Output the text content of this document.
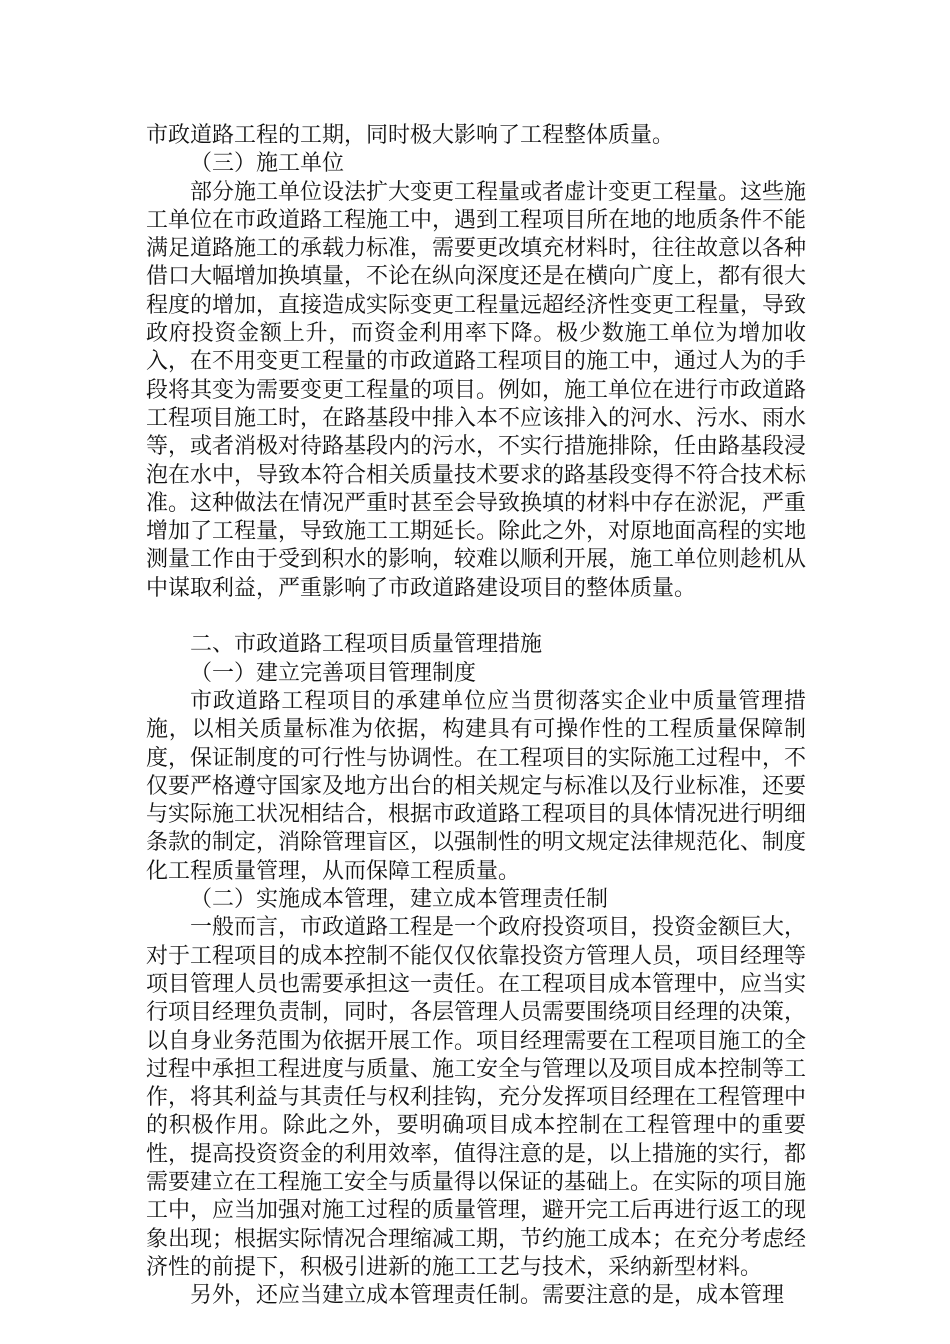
市政道路工程的工期，同时极大影响了工程整体质量。

（三）施工单位

部分施工单位设法扩大变更工程量或者虚计变更工程量。这些施工单位在市政道路工程施工中，遇到工程项目所在地的地质条件不能满足道路施工的承载力标准，需要更改填充材料时，往往故意以各种借口大幅增加换填量，不论在纵向深度还是在横向广度上，都有很大程度的增加，直接造成实际变更工程量远超经济性变更工程量，导致政府投资金额上升，而资金利用率下降。极少数施工单位为增加收入，在不用变更工程量的市政道路工程项目的施工中，通过人为的手段将其变为需要变更工程量的项目。例如，施工单位在进行市政道路工程项目施工时，在路基段中排入本不应该排入的河水、污水、雨水等，或者消极对待路基段内的污水，不实行措施排除，任由路基段浸泡在水中，导致本符合相关质量技术要求的路基段变得不符合技术标准。这种做法在情况严重时甚至会导致换填的材料中存在淤泥，严重增加了工程量，导致施工工期延长。除此之外，对原地面高程的实地测量工作由于受到积水的影响，较难以顺利开展，施工单位则趁机从中谋取利益，严重影响了市政道路建设项目的整体质量。

二、市政道路工程项目质量管理措施

（一）建立完善项目管理制度

市政道路工程项目的承建单位应当贯彻落实企业中质量管理措施，以相关质量标准为依据，构建具有可操作性的工程质量保障制度，保证制度的可行性与协调性。在工程项目的实际施工过程中，不仅要严格遵守国家及地方出台的相关规定与标准以及行业标准，还要与实际施工状况相结合，根据市政道路工程项目的具体情况进行明细条款的制定，消除管理盲区，以强制性的明文规定法律规范化、制度化工程质量管理，从而保障工程质量。

（二）实施成本管理，建立成本管理责任制

一般而言，市政道路工程是一个政府投资项目，投资金额巨大，对于工程项目的成本控制不能仅仅依靠投资方管理人员，项目经理等项目管理人员也需要承担这一责任。在工程项目成本管理中，应当实行项目经理负责制，同时，各层管理人员需要围绕项目经理的决策，以自身业务范围为依据开展工作。项目经理需要在工程项目施工的全过程中承担工程进度与质量、施工安全与管理以及项目成本控制等工作，将其利益与其责任与权利挂钩，充分发挥项目经理在工程管理中的积极作用。除此之外，要明确项目成本控制在工程管理中的重要性，提高投资资金的利用效率，值得注意的是，以上措施的实行，都需要建立在工程施工安全与质量得以保证的基础上。在实际的项目施工中，应当加强对施工过程的质量管理，避开完工后再进行返工的现象出现；根据实际情况合理缩减工期，节约施工成本；在充分考虑经济性的前提下，积极引进新的施工工艺与技术，采纳新型材料。

另外，还应当建立成本管理责任制。需要注意的是，成本管理
